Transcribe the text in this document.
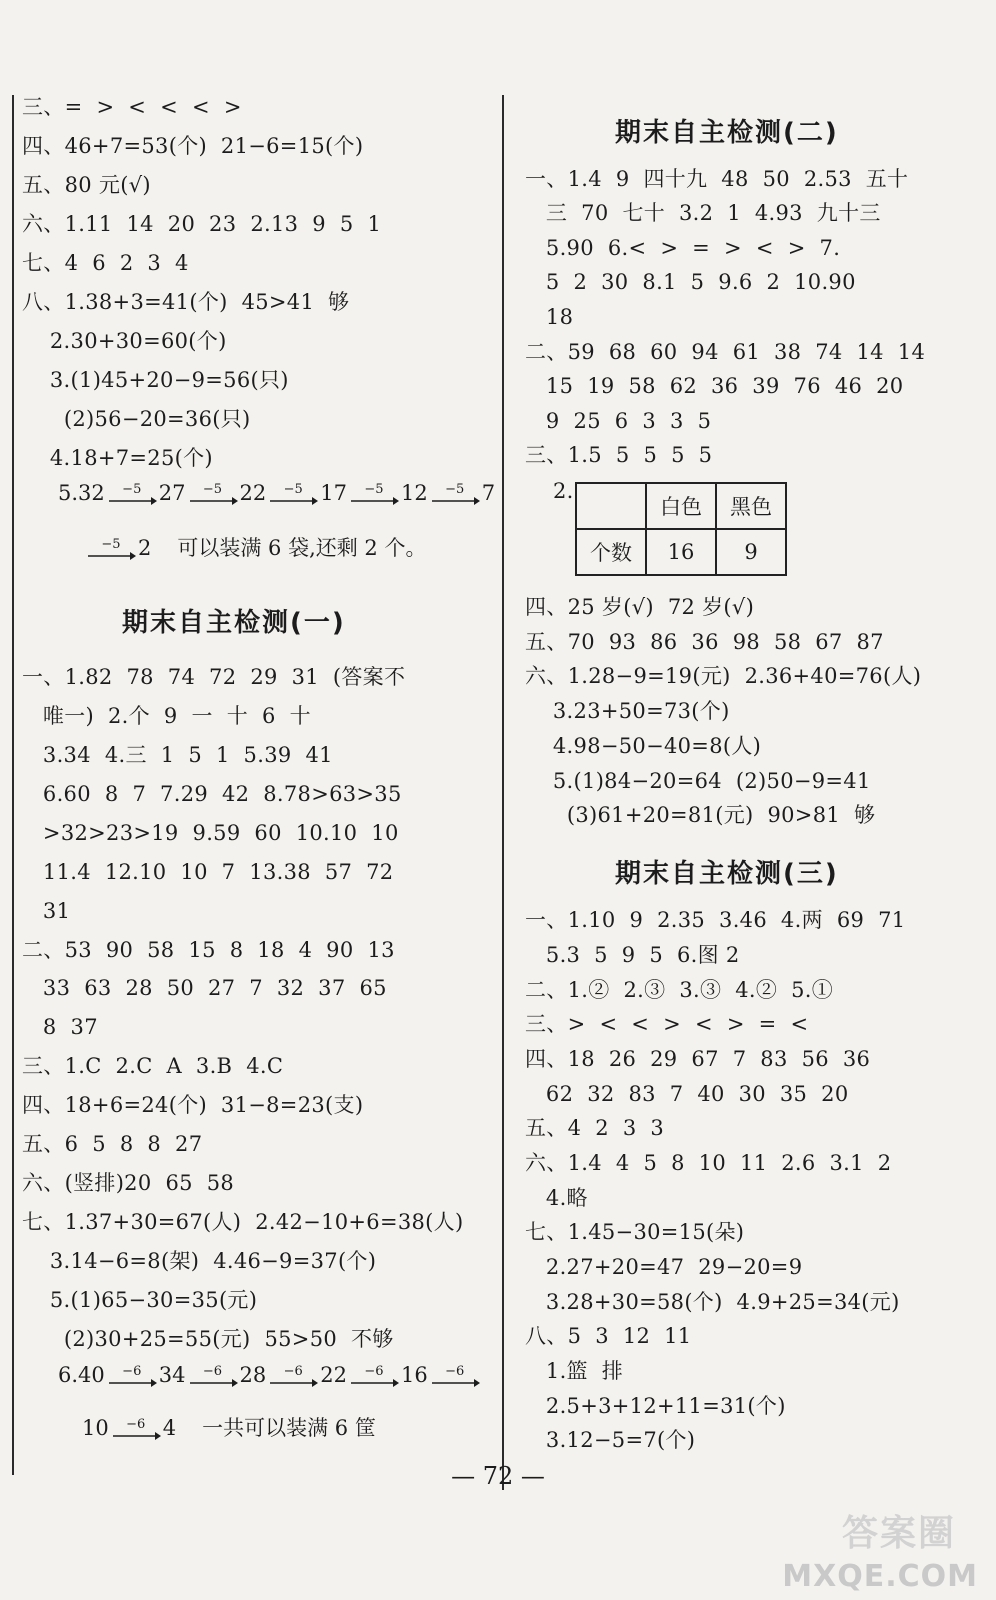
三、=  >  <  <  <  >
四、46+7=53(个)  21−6=15(个)
五、80 元(√)
六、1.11  14  20  23  2.13  9  5  1
七、4  6  2  3  4
八、1.38+3=41(个)  45>41  够
2.30+30=60(个)
3.(1)45+20−9=56(只)
(2)56−20=36(只)
4.18+7=25(个)
5.32 −5 27 −5 22 −5 17 −5 12 −5 7
−5 2 可以装满 6 袋,还剩 2 个。
期末自主检测(一)
一、1.82  78  74  72  29  31  (答案不
唯一)  2.个  9  一  十  6  十
3.34  4.三  1  5  1  5.39  41
6.60  8  7  7.29  42  8.78>63>35
>32>23>19  9.59  60  10.10  10
11.4  12.10  10  7  13.38  57  72
31
二、53  90  58  15  8  18  4  90  13
33  63  28  50  27  7  32  37  65
8  37
三、1.C  2.C  A  3.B  4.C
四、18+6=24(个)  31−8=23(支)
五、6  5  8  8  27
六、(竖排)20  65  58
七、1.37+30=67(人)  2.42−10+6=38(人)
3.14−6=8(架)  4.46−9=37(个)
5.(1)65−30=35(元)
(2)30+25=55(元)  55>50  不够
6.40 −6 34 −6 28 −6 22 −6 16 −6
10 −6 4 一共可以装满 6 筐
期末自主检测(二)
一、1.4  9  四十九  48  50  2.53  五十
三  70  七十  3.2  1  4.93  九十三
5.90  6.<  >  =  >  <  >  7.
5  2  30  8.1  5  9.6  2  10.90
18
二、59  68  60  94  61  38  74  14  14
15  19  58  62  36  39  76  46  20
9  25  6  3  3  5
三、1.5  5  5  5  5
2.
	白色	黑色
个数	16	9
四、25 岁(√)  72 岁(√)
五、70  93  86  36  98  58  67  87
六、1.28−9=19(元)  2.36+40=76(人)
3.23+50=73(个)
4.98−50−40=8(人)
5.(1)84−20=64  (2)50−9=41
(3)61+20=81(元)  90>81  够
期末自主检测(三)
一、1.10  9  2.35  3.46  4.两  69  71
5.3  5  9  5  6.图 2
二、1.②  2.③  3.③  4.②  5.①
三、>  <  <  >  <  >  =  <
四、18  26  29  67  7  83  56  36
62  32  83  7  40  30  35  20
五、4  2  3  3
六、1.4  4  5  8  10  11  2.6  3.1  2
4.略
七、1.45−30=15(朵)
2.27+20=47  29−20=9
3.28+30=58(个)  4.9+25=34(元)
八、5  3  12  11
1.篮  排
2.5+3+12+11=31(个)
3.12−5=7(个)
— 72 —
答案圈
MXQE.COM
